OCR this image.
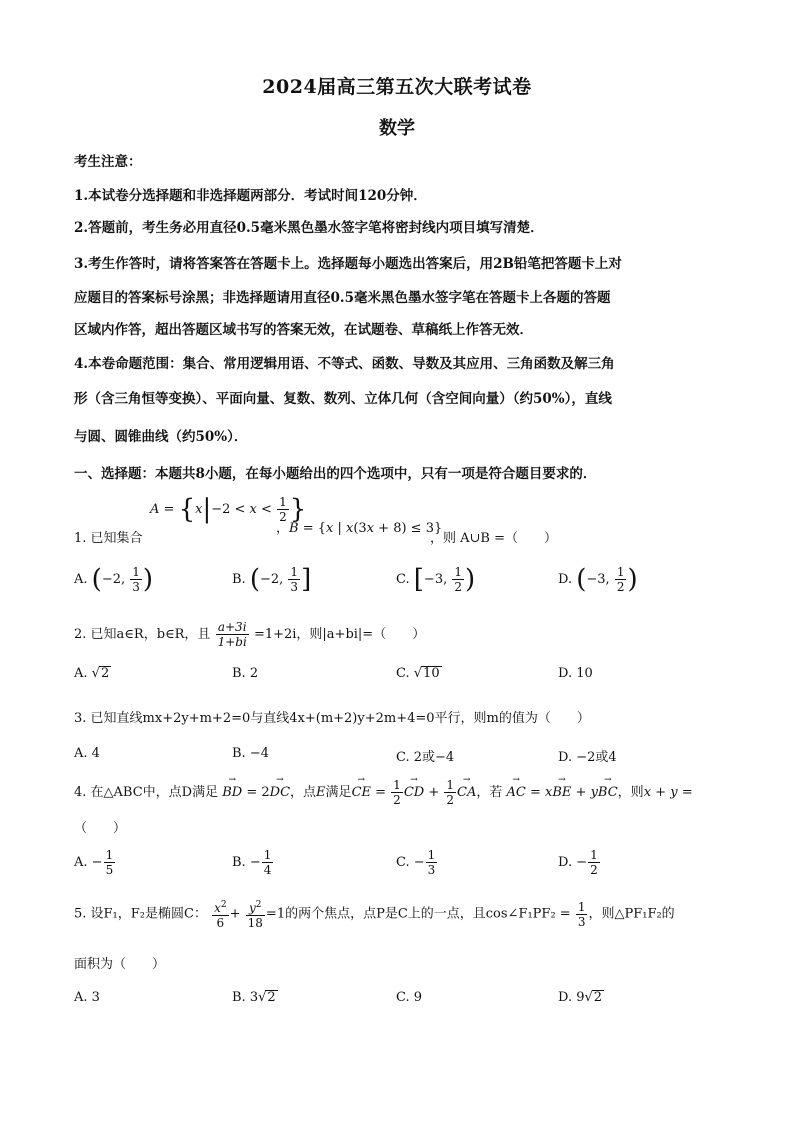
2024届高三第五次大联考试卷
数学
考生注意：
1.本试卷分选择题和非选择题两部分．考试时间120分钟．
2.答题前，考生务必用直径0.5毫米黑色墨水签字笔将密封线内项目填写清楚．
3.考生作答时，请将答案答在答题卡上。选择题每小题选出答案后，用2B铅笔把答题卡上对
应题目的答案标号涂黑；非选择题请用直径0.5毫米黑色墨水签字笔在答题卡上各题的答题
区域内作答，超出答题区域书写的答案无效，在试题卷、草稿纸上作答无效．
4.本卷命题范围：集合、常用逻辑用语、不等式、函数、导数及其应用、三角函数及解三角
形（含三角恒等变换）、平面向量、复数、数列、立体几何（含空间向量）（约50%），直线
与圆、圆锥曲线（约50%）．
一、选择题：本题共8小题，在每小题给出的四个选项中，只有一项是符合题目要求的．
1. 已知集合
$A = \{x|-2 < x < \frac{1}{2}$ }
，B = {x | x(3x + 8) ≤ 3}
，则 A∪B =（　　）
A. (−2, $\frac{1}{3}$ )	B. (−2, $\frac{1}{3}$ ]	C. [−3, $\frac{1}{2}$ )	D. (−3, $\frac{1}{2}$ )
2. 已知a∈R，b∈R，且 $\frac{a+3i}{1+bi} =1+2i$，则|a+bi|=（　　）
A. √2	B. 2	C. √10	D. 10
3. 已知直线mx+2y+m+2=0与直线4x+(m+2)y+2m+4=0平行，则m的值为（　　）
A. 4	B. −4	C. 2或−4	D. −2或4
4. 在△ABC中，点D满足 → BD = 2→ DC，点E满足→ CE = $\frac{1}{2}$ → CD + $\frac{1}{2}$ → CA，若 → AC = x→ BE + y→ BC，则x + y =
（　　）
A. − $\frac{1}{5}$	B. − $\frac{1}{4}$	C. − $\frac{1}{3}$	D. − $\frac{1}{2}$
5. 设F₁，F₂是椭圆C： $\frac{x^2}{6} + \frac{y^2}{18} =1$的两个焦点，点P是C上的一点，且cos∠F₁PF₂ = $\frac{1}{3}$ ，则△PF₁F₂的
面积为（　　）
A. 3	B. 3√2	C. 9	D. 9√2
